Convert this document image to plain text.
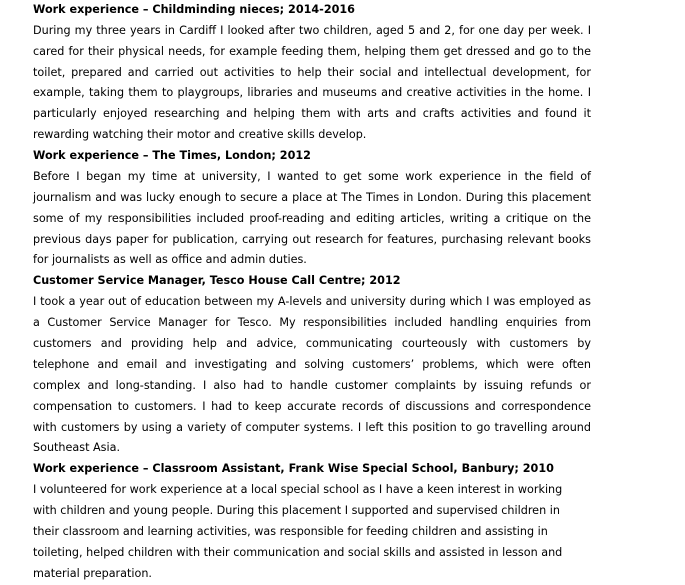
Work experience – Childminding nieces; 2014-2016

During my three years in Cardiff I looked after two children, aged 5 and 2, for one day per week. I cared for their physical needs, for example feeding them, helping them get dressed and go to the toilet, prepared and carried out activities to help their social and intellectual development, for example, taking them to playgroups, libraries and museums and creative activities in the home. I particularly enjoyed researching and helping them with arts and crafts activities and found it rewarding watching their motor and creative skills develop.

Work experience – The Times, London; 2012

Before I began my time at university, I wanted to get some work experience in the field of journalism and was lucky enough to secure a place at The Times in London. During this placement some of my responsibilities included proof-reading and editing articles, writing a critique on the previous days paper for publication, carrying out research for features, purchasing relevant books for journalists as well as office and admin duties.

Customer Service Manager, Tesco House Call Centre; 2012

I took a year out of education between my A-levels and university during which I was employed as a Customer Service Manager for Tesco. My responsibilities included handling enquiries from customers and providing help and advice, communicating courteously with customers by telephone and email and investigating and solving customers’ problems, which were often complex and long-standing. I also had to handle customer complaints by issuing refunds or compensation to customers. I had to keep accurate records of discussions and correspondence with customers by using a variety of computer systems. I left this position to go travelling around Southeast Asia.

Work experience – Classroom Assistant, Frank Wise Special School, Banbury; 2010

I volunteered for work experience at a local special school as I have a keen interest in working with children and young people. During this placement I supported and supervised children in their classroom and learning activities, was responsible for feeding children and assisting in toileting, helped children with their communication and social skills and assisted in lesson and material preparation.
